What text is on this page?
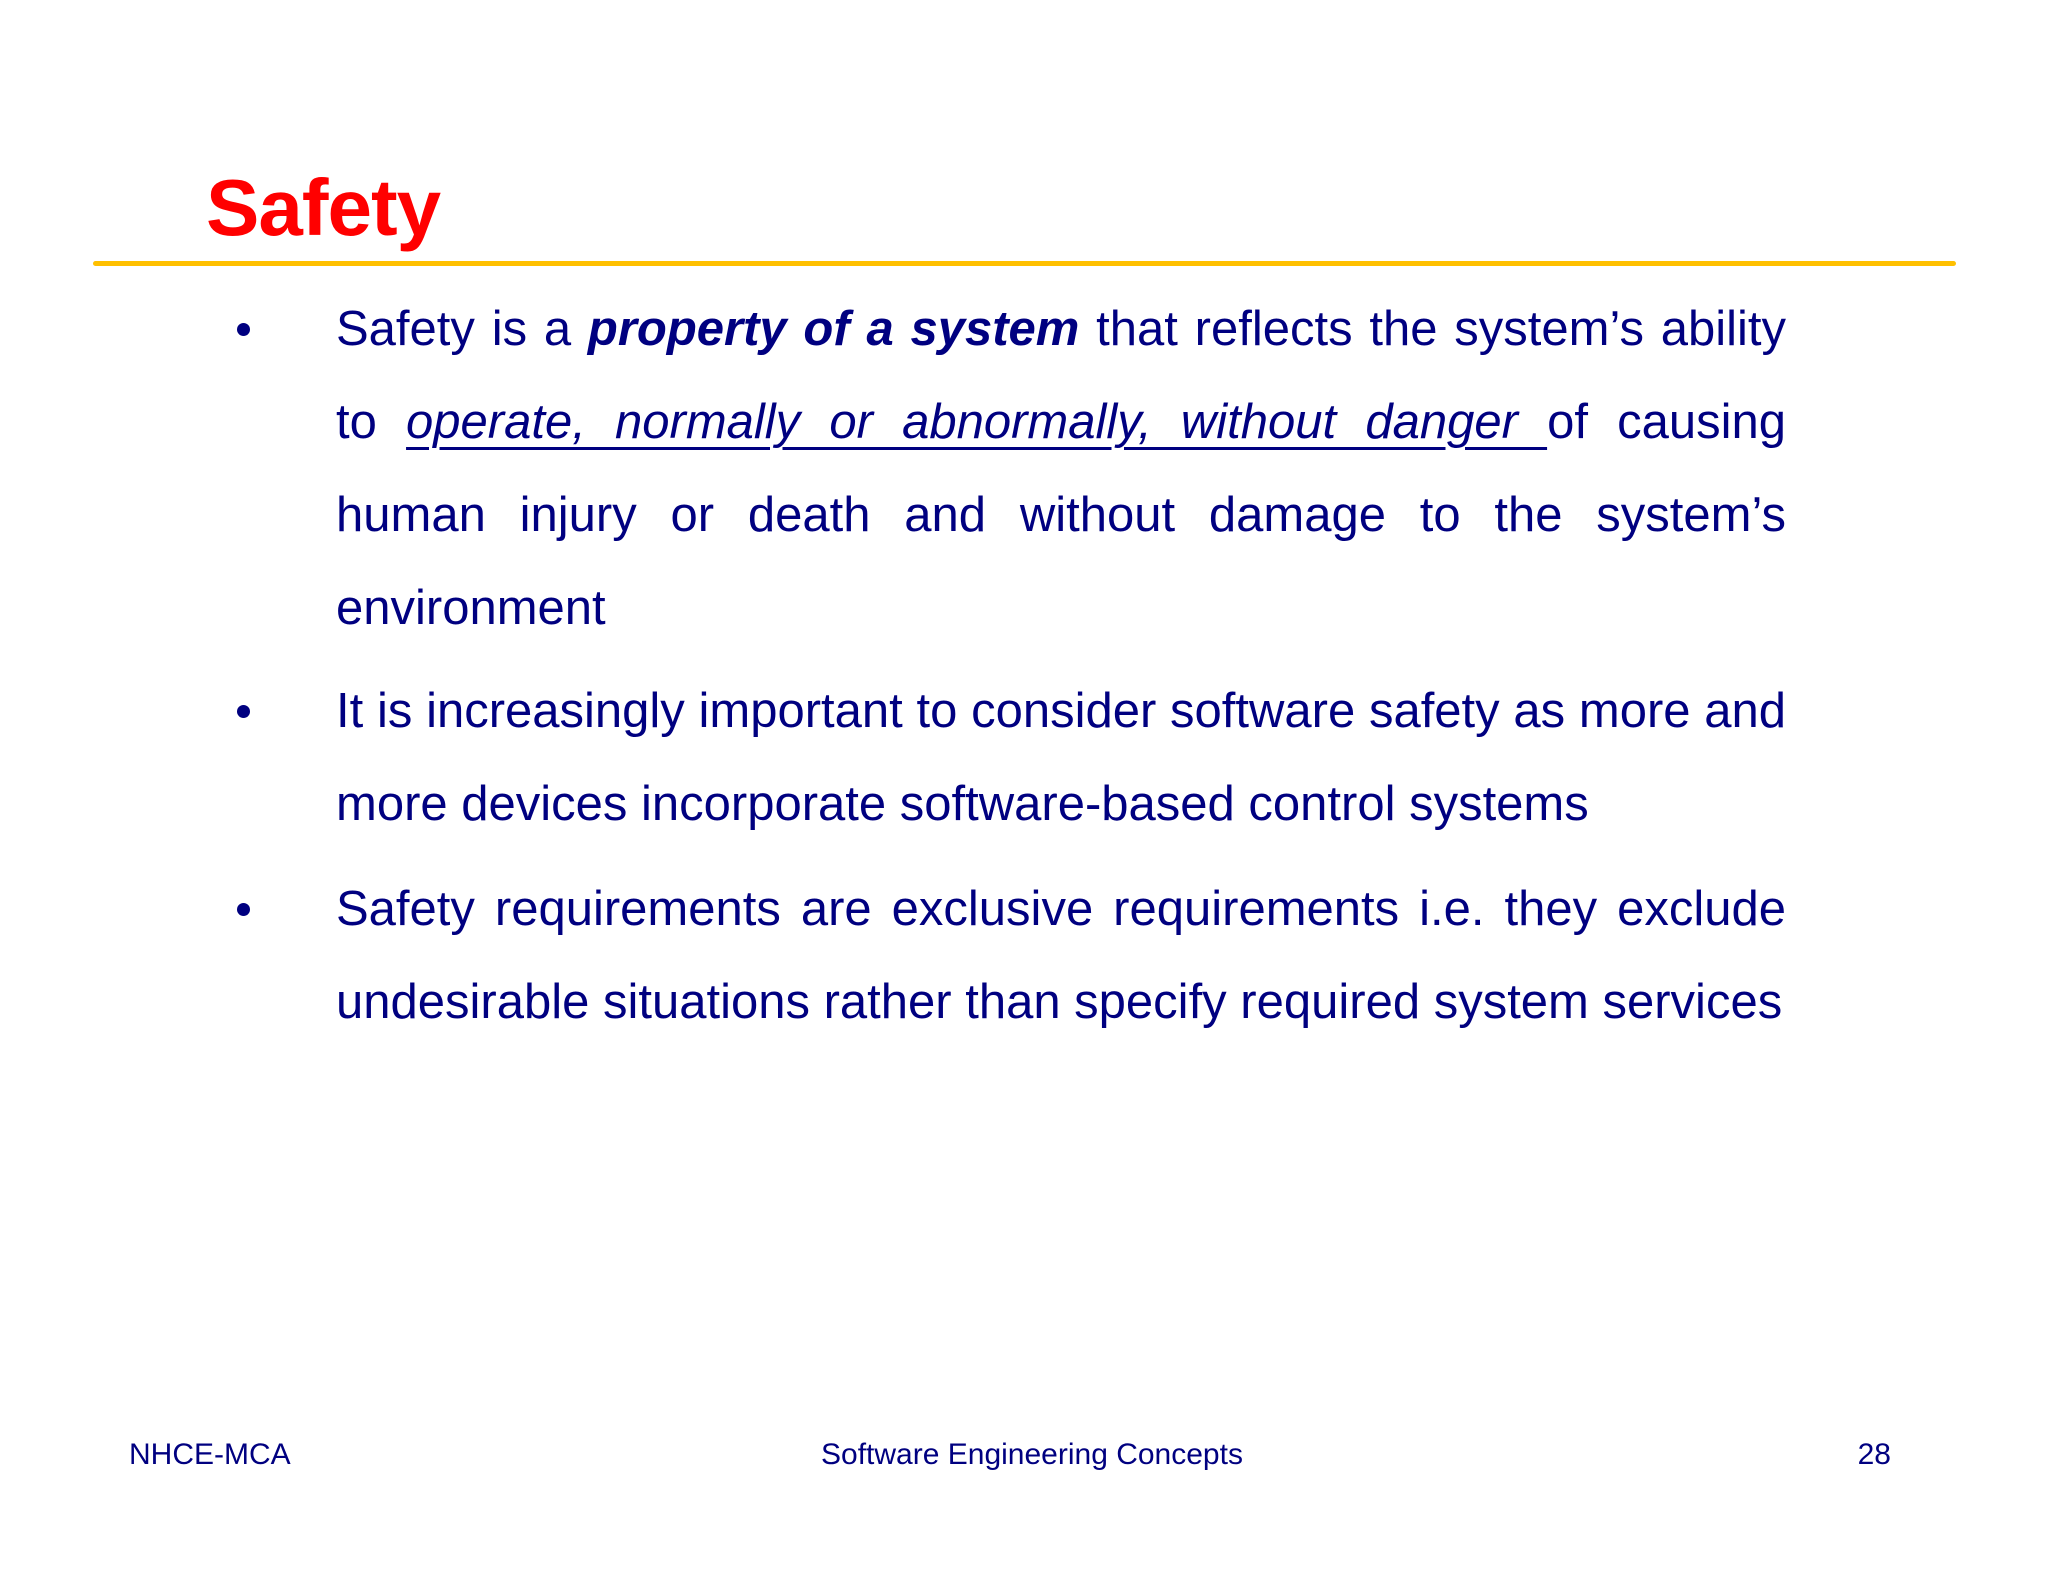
Safety
Safety is a property of a system that reflects the system’s ability to operate, normally or abnormally, without danger of causing human injury or death and without damage to the system’s environment
It is increasingly important to consider software safety as more and more devices incorporate software-based control systems
Safety requirements are exclusive requirements i.e. they exclude undesirable situations rather than specify required system services

NHCE-MCA	Software Engineering Concepts	28
